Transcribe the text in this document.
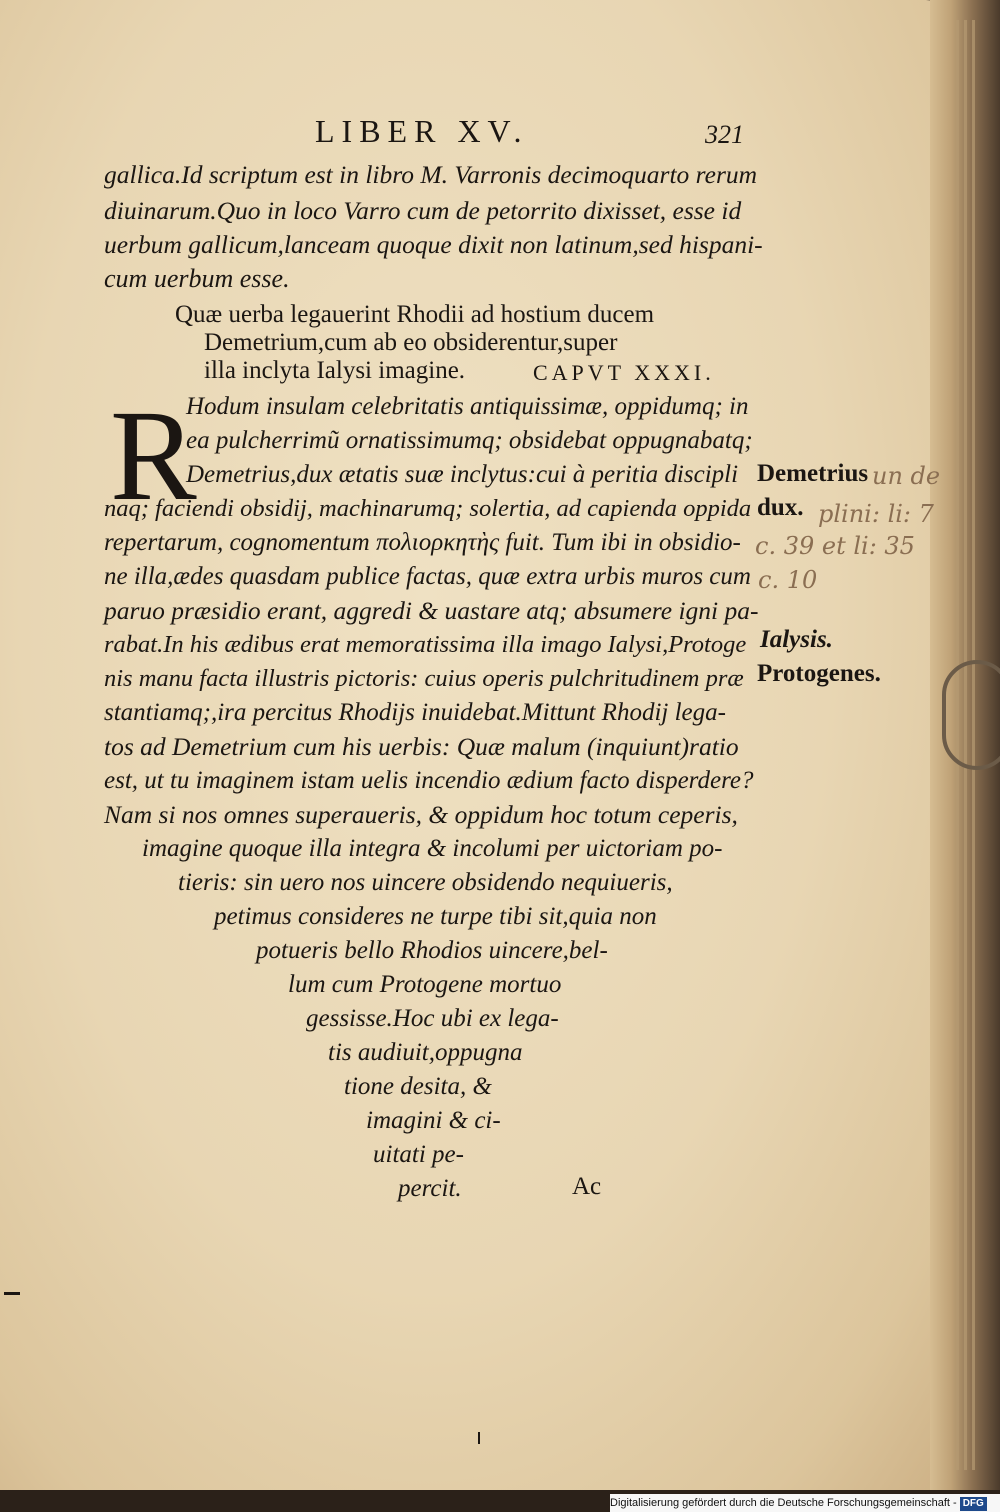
LIBER XV.	321
gallica.Id scriptum est in libro M. Varronis decimoquarto rerum
diuinarum.Quo in loco Varro cum de petorrito dixisset, esse id
uerbum gallicum,lanceam quoque dixit non latinum,sed hispani-
cum uerbum esse.
Quæ uerba legauerint Rhodii ad hostium ducem
Demetrium,cum ab eo obsiderentur,super
illa inclyta Ialysi imagine.	CAPVT XXXI.
R
Hodum insulam celebritatis antiquissimæ, oppidumq; in
ea pulcherrimũ ornatissimumq; obsidebat oppugnabatq;
Demetrius,dux ætatis suæ inclytus:cui à peritia discipli
naq; faciendi obsidij, machinarumq; solertia, ad capienda oppida
repertarum, cognomentum πολιορκητὴς fuit. Tum ibi in obsidio-
ne illa,ædes quasdam publice factas, quæ extra urbis muros cum
paruo præsidio erant, aggredi & uastare atq; absumere igni pa-
rabat.In his ædibus erat memoratissima illa imago Ialysi,Protoge
nis manu facta illustris pictoris: cuius operis pulchritudinem præ
stantiamq;,ira percitus Rhodijs inuidebat.Mittunt Rhodij lega-
tos ad Demetrium cum his uerbis: Quæ malum (inquiunt)ratio
est, ut tu imaginem istam uelis incendio ædium facto disperdere?
Nam si nos omnes superaueris, & oppidum hoc totum ceperis,
imagine quoque illa integra & incolumi per uictoriam po-
tieris: sin uero nos uincere obsidendo nequiueris,
petimus consideres ne turpe tibi sit,quia non
potueris bello Rhodios uincere,bel-
lum cum Protogene mortuo
gessisse.Hoc ubi ex lega-
tis audiuit,oppugna
tione desita, &
imagini & ci-
uitati pe-
percit.	Ac
Demetrius
dux.
Ialysis.
Protogenes.
un de
plini: li: 7
c. 39 et li: 35
c. 10
Digitalisierung gefördert durch die Deutsche Forschungsgemeinschaft - DFG
